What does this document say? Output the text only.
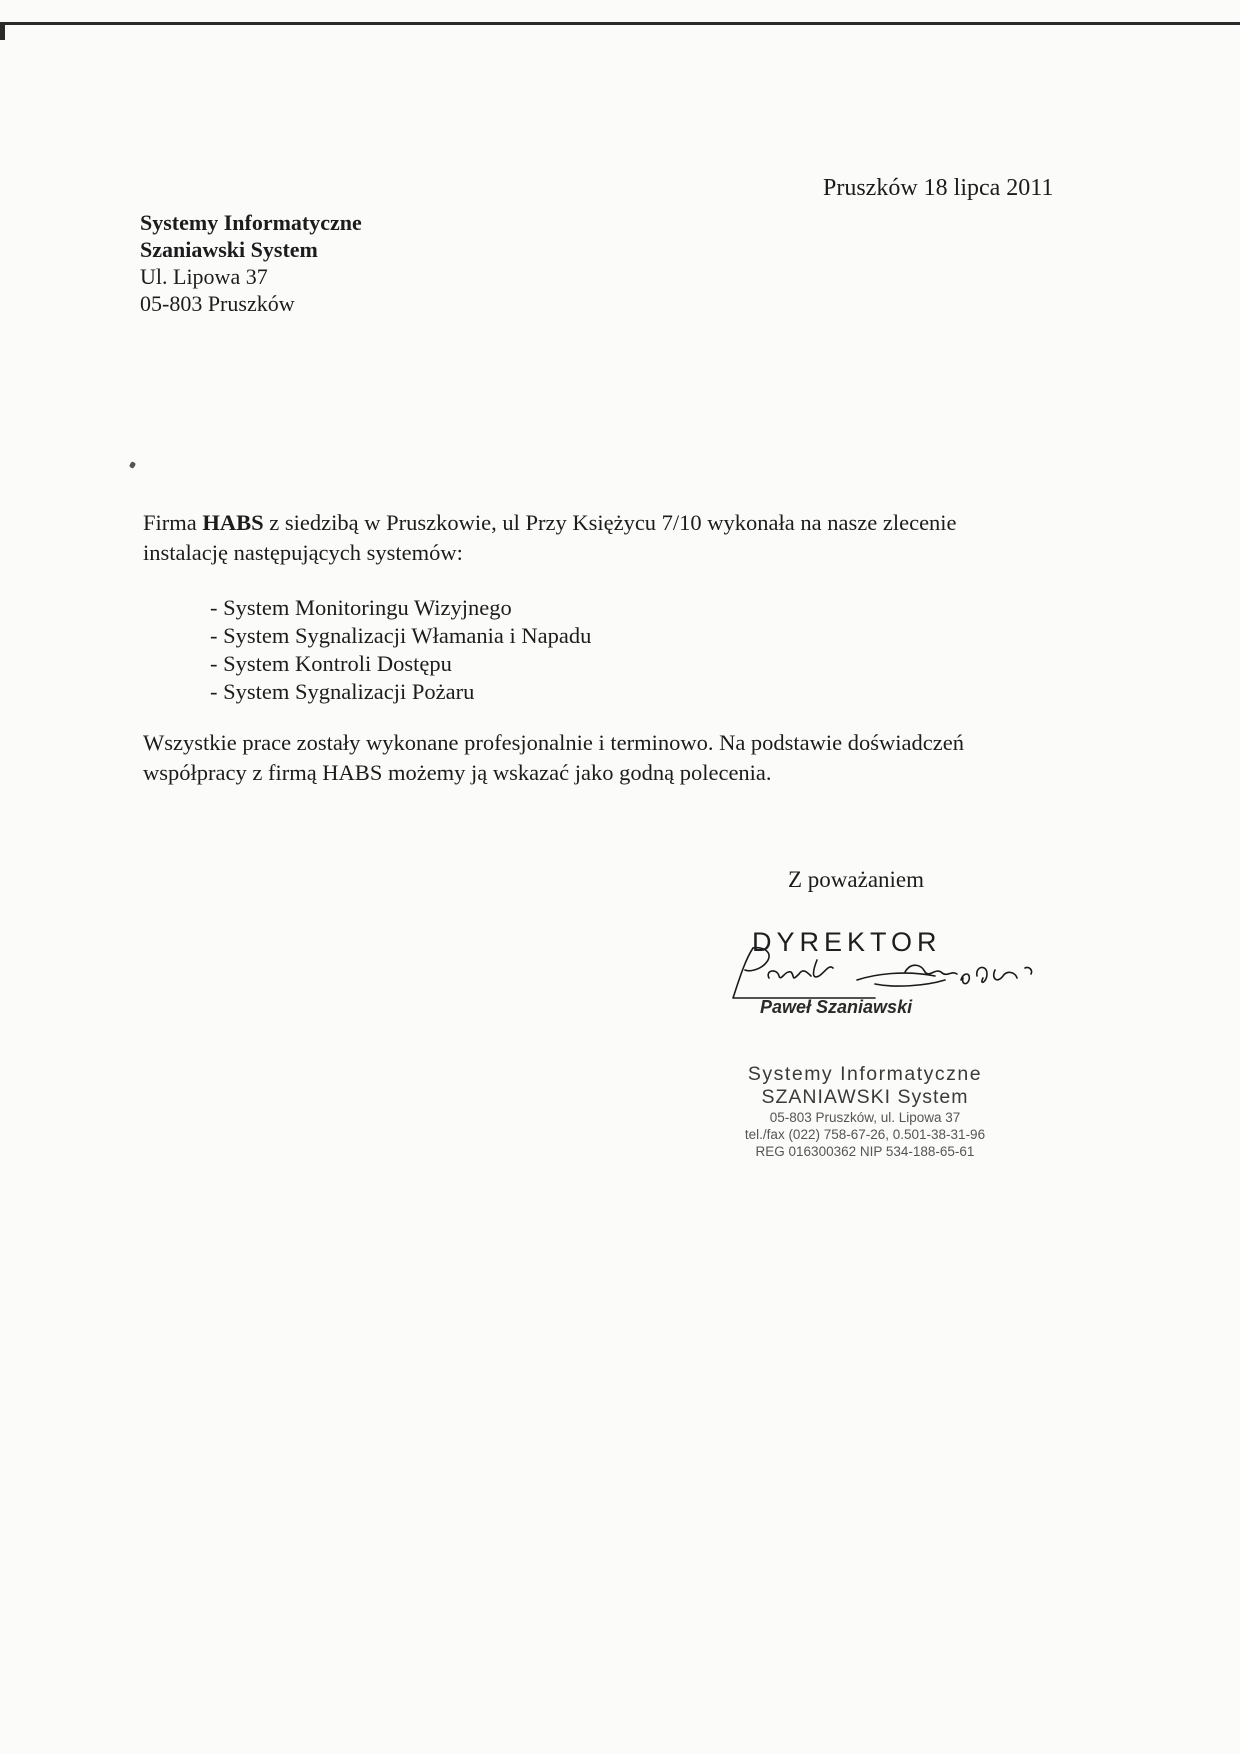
Pruszków 18 lipca 2011
Systemy Informatyczne
Szaniawski System
Ul. Lipowa 37
05-803 Pruszków
Firma HABS z siedzibą w Pruszkowie, ul Przy Księżycu 7/10 wykonała na nasze zlecenie
instalację następujących systemów:
- System Monitoringu Wizyjnego
- System Sygnalizacji Włamania i Napadu
- System Kontroli Dostępu
- System Sygnalizacji Pożaru
Wszystkie prace zostały wykonane profesjonalnie i terminowo. Na podstawie doświadczeń
współpracy z firmą HABS możemy ją wskazać jako godną polecenia.
Z poważaniem
DYREKTOR
Paweł Szaniawski
Systemy Informatyczne
SZANIAWSKI System
05-803 Pruszków, ul. Lipowa 37
tel./fax (022) 758-67-26, 0.501-38-31-96
REG 016300362 NIP 534-188-65-61
